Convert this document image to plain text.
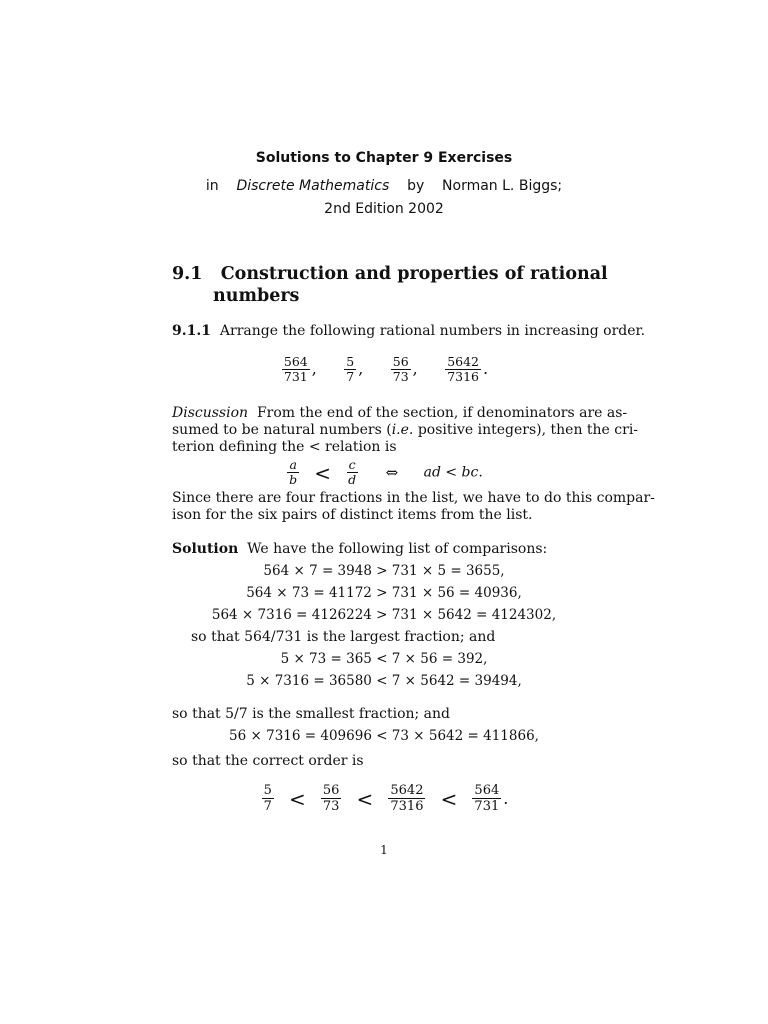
Solutions to Chapter 9 Exercises
in Discrete Mathematics by Norman L. Biggs;
2nd Edition 2002
9.1 Construction and properties of rational
numbers
9.1.1 Arrange the following rational numbers in increasing order.
$\frac{564}{731}$ , $\frac{5}{7}$ , $\frac{56}{73}$ , $\frac{5642}{7316}$ .
Discussion From the end of the section, if denominators are as-
sumed to be natural numbers (i.e. positive integers), then the cri-
terion defining the < relation is
$\frac{a}{b} < \frac{c}{d}$ ⇔ ad < bc.
Since there are four fractions in the list, we have to do this compar-
ison for the six pairs of distinct items from the list.
Solution We have the following list of comparisons:
564 × 7 = 3948 > 731 × 5 = 3655,
564 × 73 = 41172 > 731 × 56 = 40936,
564 × 7316 = 4126224 > 731 × 5642 = 4124302,
so that 564/731 is the largest fraction; and
5 × 73 = 365 < 7 × 56 = 392,
5 × 7316 = 36580 < 7 × 5642 = 39494,
so that 5/7 is the smallest fraction; and
56 × 7316 = 409696 < 73 × 5642 = 411866,
so that the correct order is
$\frac{5}{7} < \frac{56}{73} < \frac{5642}{7316} < \frac{564}{731}$ .
1
